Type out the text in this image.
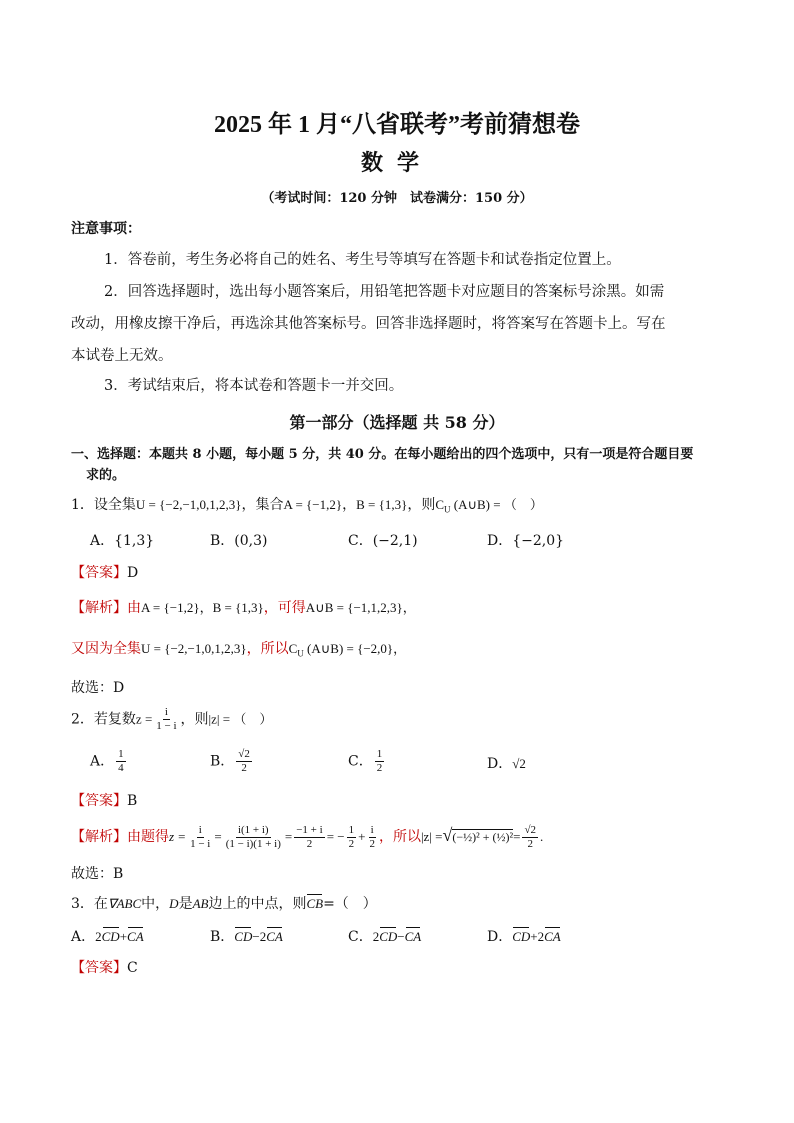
2025 年 1 月“八省联考”考前猜想卷
数学
（考试时间：120 分钟　试卷满分：150 分）
注意事项：
1．答卷前，考生务必将自己的姓名、考生号等填写在答题卡和试卷指定位置上。
2．回答选择题时，选出每小题答案后，用铅笔把答题卡对应题目的答案标号涂黑。如需
改动，用橡皮擦干净后，再选涂其他答案标号。回答非选择题时，将答案写在答题卡上。写在
本试卷上无效。
3．考试结束后，将本试卷和答题卡一并交回。
第一部分（选择题 共 58 分）
一、选择题：本题共 8 小题，每小题 5 分，共 40 分。在每小题给出的四个选项中，只有一项是符合题目要
求的。
1．设全集U = {−2,−1,0,1,2,3}，集合A = {−1,2}，B = {1,3}，则$C_U$ (A∪B) = （　）
A．{1,3}	B．(0,3)	C．(−2,1)	D．{−2,0}
【答案】D
【解析】由A = {−1,2}，B = {1,3}，可得A∪B = {−1,1,2,3}，
又因为全集U = {−2,−1,0,1,2,3}，所以$C_U$ (A∪B) = {−2,0}，
故选：D
2．若复数$z = \frac{i}{1 - i}$ ，则|z| = （　）
A． $\frac{1}{4}$	B． $\frac{√2}{2}$	C． $\frac{1}{2}$	D．√2
【答案】B
【解析】由题得$z = \frac{i}{1 - i} = \frac{i(1 + i)}{(1 - i)(1 + i)} = \frac{-1 + i}{2}$ = − $\frac{1}{2} + \frac{i}{2}$ ，所以|z| =√(−½)² + (½)²= $\frac{√2}{2}$ .
故选：B
3．在∇ABC中，D是AB边上的中点，则CB=（　）
A．2CD+CA	B．CD−2CA	C．2CD−CA	D．CD+2CA
【答案】C
